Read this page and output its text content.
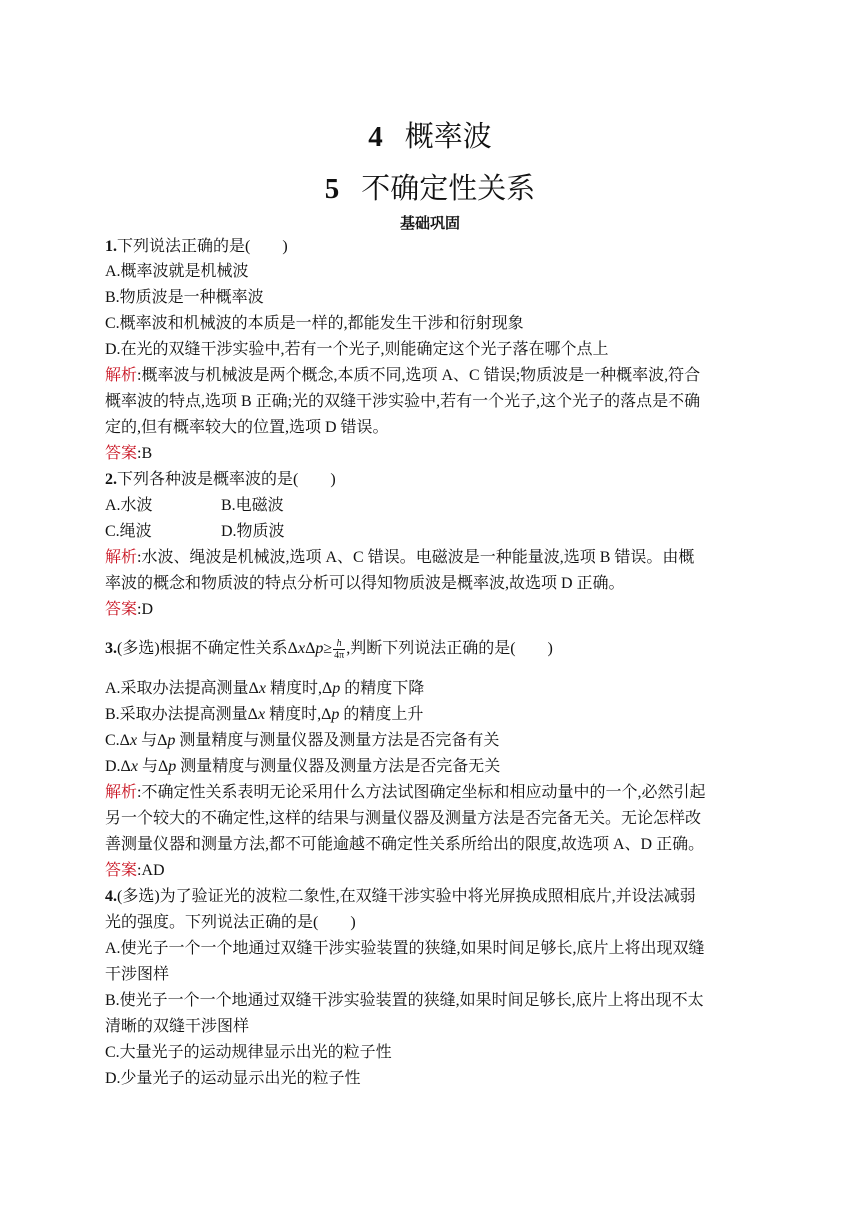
4 概率波
5 不确定性关系
基础巩固
1.下列说法正确的是(　　)
A.概率波就是机械波
B.物质波是一种概率波
C.概率波和机械波的本质是一样的,都能发生干涉和衍射现象
D.在光的双缝干涉实验中,若有一个光子,则能确定这个光子落在哪个点上
解析:概率波与机械波是两个概念,本质不同,选项 A、C 错误;物质波是一种概率波,符合
概率波的特点,选项 B 正确;光的双缝干涉实验中,若有一个光子,这个光子的落点是不确
定的,但有概率较大的位置,选项 D 错误。
答案:B
2.下列各种波是概率波的是(　　)
A.水波	B.电磁波
C.绳波	D.物质波
解析:水波、绳波是机械波,选项 A、C 错误。电磁波是一种能量波,选项 B 错误。由概
率波的概念和物质波的特点分析可以得知物质波是概率波,故选项 D 正确。
答案:D
3.(多选)根据不确定性关系$\Delta x\Delta p\ge \frac{h}{4\pi}$ ,判断下列说法正确的是(　　)
A.采取办法提高测量Δx 精度时,Δp 的精度下降
B.采取办法提高测量Δx 精度时,Δp 的精度上升
C.Δx 与Δp 测量精度与测量仪器及测量方法是否完备有关
D.Δx 与Δp 测量精度与测量仪器及测量方法是否完备无关
解析:不确定性关系表明无论采用什么方法试图确定坐标和相应动量中的一个,必然引起
另一个较大的不确定性,这样的结果与测量仪器及测量方法是否完备无关。无论怎样改
善测量仪器和测量方法,都不可能逾越不确定性关系所给出的限度,故选项 A、D 正确。
答案:AD
4.(多选)为了验证光的波粒二象性,在双缝干涉实验中将光屏换成照相底片,并设法减弱
光的强度。下列说法正确的是(　　)
A.使光子一个一个地通过双缝干涉实验装置的狭缝,如果时间足够长,底片上将出现双缝
干涉图样
B.使光子一个一个地通过双缝干涉实验装置的狭缝,如果时间足够长,底片上将出现不太
清晰的双缝干涉图样
C.大量光子的运动规律显示出光的粒子性
D.少量光子的运动显示出光的粒子性
